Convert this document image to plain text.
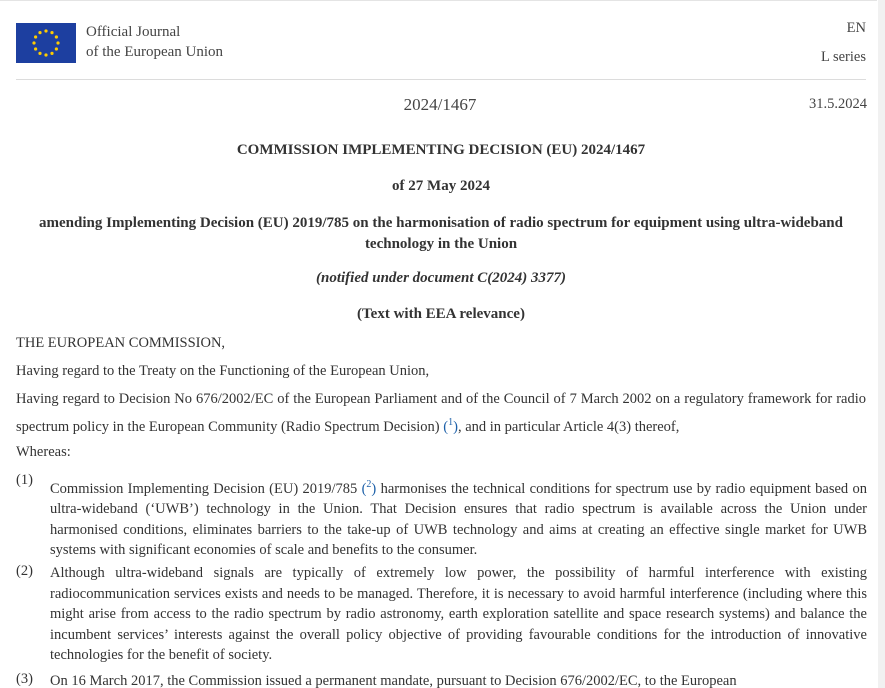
Official Journal
of the European Union
EN
L series
2024/1467	31.5.2024
COMMISSION IMPLEMENTING DECISION (EU) 2024/1467
of 27 May 2024
amending Implementing Decision (EU) 2019/785 on the harmonisation of radio spectrum for equipment using ultra-wideband technology in the Union
(notified under document C(2024) 3377)
(Text with EEA relevance)
THE EUROPEAN COMMISSION,
Having regard to the Treaty on the Functioning of the European Union,
Having regard to Decision No 676/2002/EC of the European Parliament and of the Council of 7 March 2002 on a regulatory framework for radio spectrum policy in the European Community (Radio Spectrum Decision) ($^1$), and in particular Article 4(3) thereof,
Whereas:
(1)
Commission Implementing Decision (EU) 2019/785 ($^2$) harmonises the technical conditions for spectrum use by radio equipment based on ultra-wideband (‘UWB’) technology in the Union. That Decision ensures that radio spectrum is available across the Union under harmonised conditions, eliminates barriers to the take-up of UWB technology and aims at creating an effective single market for UWB systems with significant economies of scale and benefits to the consumer.
(2) Although ultra-wideband signals are typically of extremely low power, the possibility of harmful interference with existing radiocommunication services exists and needs to be managed. Therefore, it is necessary to avoid harmful interference (including where this might arise from access to the radio spectrum by radio astronomy, earth exploration satellite and space research systems) and balance the incumbent services’ interests against the overall policy objective of providing favourable conditions for the introduction of innovative technologies for the benefit of society.
(3) On 16 March 2017, the Commission issued a permanent mandate, pursuant to Decision 676/2002/EC, to the European
